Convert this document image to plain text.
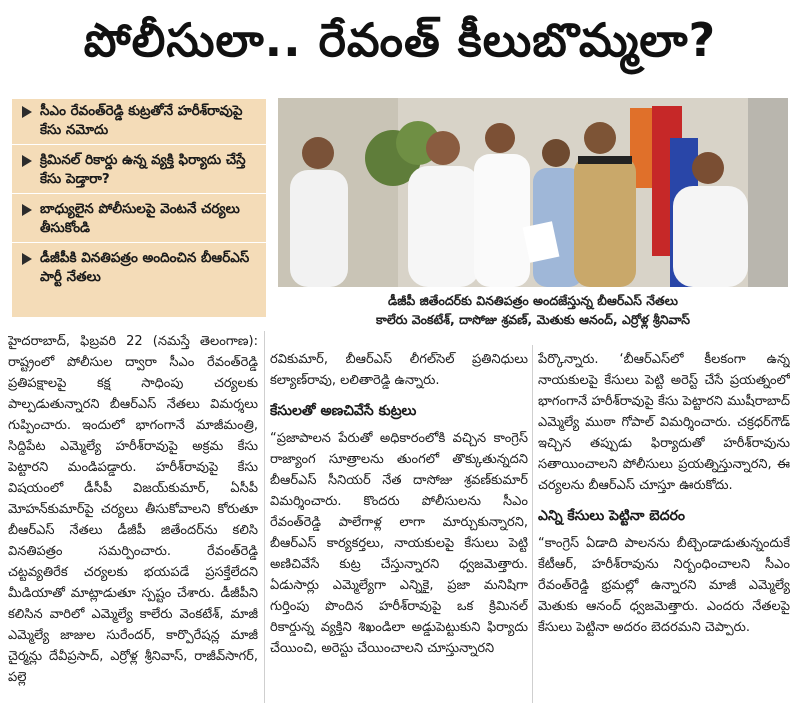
పోలీసులా.. రేవంత్ కీలుబొమ్మలా?
సీఎం రేవంత్‌రెడ్డి కుట్రతోనే హరీశ్‌రావుపై కేసు నమోదు
క్రిమినల్ రికార్డు ఉన్న వ్యక్తి ఫిర్యాదు చేస్తే కేసు పెడ్తారా?
బాధ్యులైన పోలీసులపై వెంటనే చర్యలు తీసుకోండి
డీజీపీకి వినతిపత్రం అందించిన బీఆర్‌ఎస్ పార్టీ నేతలు
డీజీపీ జితేందర్‌కు వినతిపత్రం అందజేస్తున్న బీఆర్‌ఎస్ నేతలు
కాలేరు వెంకటేశ్, దాసోజు శ్రవణ్, మెతుకు ఆనంద్, ఎర్రోళ్ల శ్రీనివాస్

హైదరాబాద్, ఫిబ్రవరి 22 (నమస్తే తెలంగాణ): రాష్ట్రంలో పోలీసుల ద్వారా సీఎం రేవంత్‌రెడ్డి ప్రతిపక్షాలపై కక్ష సాధింపు చర్యలకు పాల్పడుతున్నారని బీఆర్‌ఎస్ నేతలు విమర్శలు గుప్పించారు. ఇందులో భాగంగానే మాజీమంత్రి, సిద్దిపేట ఎమ్మెల్యే హరీశ్‌రావుపై అక్రమ కేసు పెట్టారని మండిపడ్డారు. హరీశ్‌రావుపై కేసు విషయంలో డీసీపీ విజయ్‌కుమార్, ఏసీపీ మోహన్‌కుమార్‌పై చర్యలు తీసుకోవాలని కోరుతూ బీఆర్‌ఎస్ నేతలు డీజీపీ జితేందర్‌ను కలిసి వినతిపత్రం సమర్పించారు. రేవంత్‌రెడ్డి చట్టవ్యతిరేక చర్యలకు భయపడే ప్రసక్తేలేదని మీడియాతో మాట్లాడుతూ స్పష్టం చేశారు. డీజీపీని కలిసిన వారిలో ఎమ్మెల్యే కాలేరు వెంకటేశ్, మాజీ ఎమ్మెల్యే జాజుల సురేందర్, కార్పొరేషన్ల మాజీ చైర్మన్లు దేవీప్రసాద్, ఎర్రోళ్ల శ్రీనివాస్, రాజీవ్‌సాగర్, పల్లె

రవికుమార్, బీఆర్‌ఎస్ లీగల్‌సెల్ ప్రతినిధులు కల్యాణ్‌రావు, లలితారెడ్డి ఉన్నారు.

కేసులతో అణచివేసే కుట్రలు

“ప్రజాపాలన పేరుతో అధికారంలోకి వచ్చిన కాంగ్రెస్ రాజ్యాంగ సూత్రాలను తుంగలో తొక్కుతున్నదని బీఆర్‌ఎస్ సీనియర్ నేత దాసోజు శ్రవణ్‌కుమార్ విమర్శించారు. కొందరు పోలీసులను సీఎం రేవంత్‌రెడ్డి పాలేగాళ్ల లాగా మార్చుకున్నారని, బీఆర్‌ఎస్ కార్యకర్తలు, నాయకులపై కేసులు పెట్టి అణిచివేసే కుట్ర చేస్తున్నారని ధ్వజమెత్తారు. ఏడుసార్లు ఎమ్మెల్యేగా ఎన్నికై, ప్రజా మనిషిగా గుర్తింపు పొందిన హరీశ్‌రావుపై ఒక క్రిమినల్ రికార్డున్న వ్యక్తిని శిఖండిలా అడ్డుపెట్టుకుని ఫిర్యాదు చేయించి, అరెస్టు చేయించాలని చూస్తున్నారని

పేర్కొన్నారు. ‘బీఆర్‌ఎస్‌లో కీలకంగా ఉన్న నాయకులపై కేసులు పెట్టి అరెస్ట్ చేసే ప్రయత్నంలో భాగంగానే హరీశ్‌రావుపై కేసు పెట్టారని ముషీరాబాద్ ఎమ్మెల్యే ముఠా గోపాల్ విమర్శించారు. చక్రధర్‌గౌడ్ ఇచ్చిన తప్పుడు ఫిర్యాదుతో హరీశ్‌రావును సతాయించాలని పోలీసులు ప్రయత్నిస్తున్నారని, ఈ చర్యలను బీఆర్‌ఎస్ చూస్తూ ఊరుకోదు.

ఎన్ని కేసులు పెట్టినా బెదరం

“కాంగ్రెస్ ఏడాది పాలనను బీట్చెండాడుతున్నందుకే కేటీఆర్, హరీశ్‌రావును నిర్బంధించాలని సీఎం రేవంత్‌రెడ్డి భ్రమల్లో ఉన్నారని మాజీ ఎమ్మెల్యే మెతుకు ఆనంద్ ధ్వజమెత్తారు. ఎందరు నేతలపై కేసులు పెట్టినా అదరం బెదరమని చెప్పారు.
